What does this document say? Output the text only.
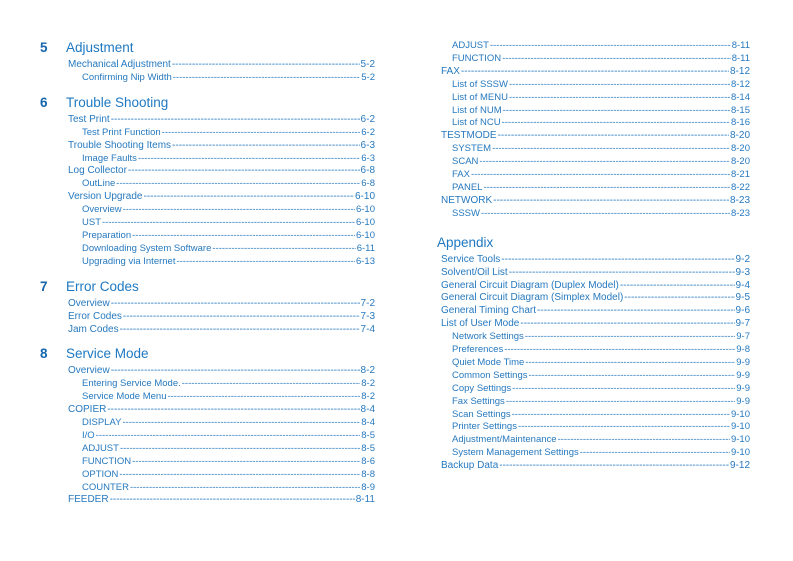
5	Adjustment
Mechanical Adjustment -----	5-2
Confirming Nip Width -----	5-2
6	Trouble Shooting
Test Print -----	6-2
Test Print Function -----	6-2
Trouble Shooting Items -----	6-3
Image Faults -----	6-3
Log Collector -----	6-8
OutLine -----	6-8
Version Upgrade -----	6-10
Overview -----	6-10
UST -----	6-10
Preparation -----	6-10
Downloading System Software -----	6-11
Upgrading via Internet -----	6-13
7	Error Codes
Overview -----	7-2
Error Codes -----	7-3
Jam Codes -----	7-4
8	Service Mode
Overview -----	8-2
Entering Service Mode. -----	8-2
Service Mode Menu -----	8-2
COPIER -----	8-4
DISPLAY -----	8-4
I/O -----	8-5
ADJUST -----	8-5
FUNCTION -----	8-6
OPTION -----	8-8
COUNTER -----	8-9
FEEDER -----	8-11
ADJUST -----	8-11
FUNCTION -----	8-11
FAX -----	8-12
List of SSSW -----	8-12
List of MENU -----	8-14
List of NUM -----	8-15
List of NCU -----	8-16
TESTMODE -----	8-20
SYSTEM -----	8-20
SCAN -----	8-20
FAX -----	8-21
PANEL -----	8-22
NETWORK -----	8-23
SSSW -----	8-23
Appendix
Service Tools -----	9-2
Solvent/Oil List -----	9-3
General Circuit Diagram (Duplex Model) -----	9-4
General Circuit Diagram (Simplex Model) -----	9-5
General Timing Chart -----	9-6
List of User Mode -----	9-7
Network Settings -----	9-7
Preferences -----	9-8
Quiet Mode Time -----	9-9
Common Settings -----	9-9
Copy Settings -----	9-9
Fax Settings -----	9-9
Scan Settings -----	9-10
Printer Settings -----	9-10
Adjustment/Maintenance -----	9-10
System Management Settings -----	9-10
Backup Data -----	9-12
